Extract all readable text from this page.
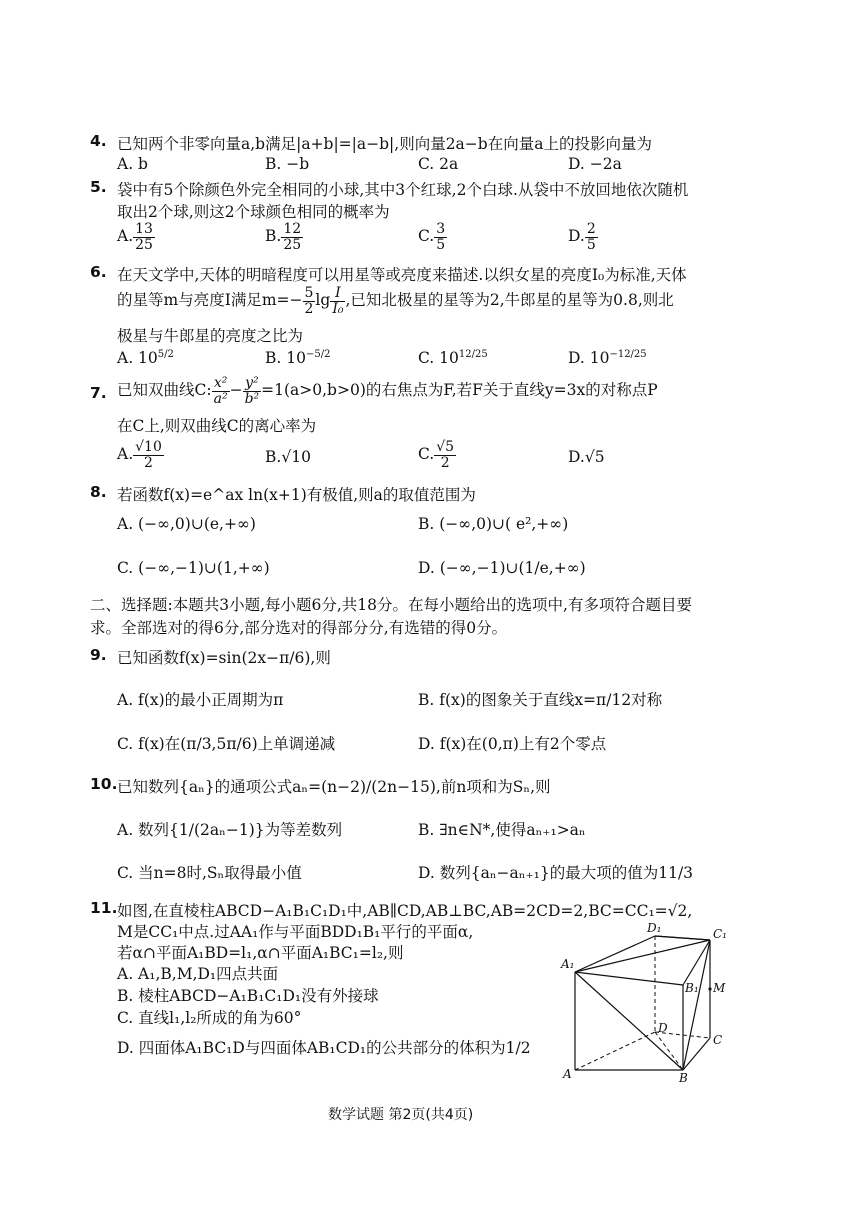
4. 已知两个非零向量a,b满足|a+b|=|a−b|,则向量2a−b在向量a上的投影向量为
A. b	B. −b	C. 2a	D. −2a
5. 袋中有5个除颜色外完全相同的小球,其中3个红球,2个白球.从袋中不放回地依次随机
取出2个球,则这2个球颜色相同的概率为
A. $\frac{13}{25}$	B. $\frac{12}{25}$	C. $\frac{3}{5}$	D. $\frac{2}{5}$
6. 在天文学中,天体的明暗程度可以用星等或亮度来描述.以织女星的亮度I₀为标准,天体
的星等m与亮度I满足$m=- \frac{5}{2}$ $\lg \frac{I}{\text{I₀}}$ ,已知北极星的星等为2,牛郎星的星等为0.8,则北
极星与牛郎星的亮度之比为
A. $10^{5/2}$	B. $10^{-5/2}$	C. $10^{12/25}$	D. $10^{-12/25}$
7. 已知双曲线C: $\frac{\text{x²}}{\text{a²}} - \frac{\text{y²}}{\text{b²}} =1(a>0,b>0)$的右焦点为F,若F关于直线y=3x的对称点P
在C上,则双曲线C的离心率为
A. $\frac{√10}{2}$	B.√10	C. $\frac{√5}{2}$	D.√5
8. 若函数f(x)=e^ax ln(x+1)有极值,则a的取值范围为
A. (−∞,0)∪(e,+∞)	B. (−∞,0)∪( e²,+∞)
C. (−∞,−1)∪(1,+∞)	D. (−∞,−1)∪(1/e,+∞)
二、选择题:本题共3小题,每小题6分,共18分。在每小题给出的选项中,有多项符合题目要
求。全部选对的得6分,部分选对的得部分分,有选错的得0分。
9. 已知函数f(x)=sin(2x−π/6),则
A. f(x)的最小正周期为π	B. f(x)的图象关于直线x=π/12对称
C. f(x)在(π/3,5π/6)上单调递减	D. f(x)在(0,π)上有2个零点
10. 已知数列{aₙ}的通项公式aₙ=(n−2)/(2n−15),前n项和为Sₙ,则
A. 数列{1/(2aₙ−1)}为等差数列	B. ∃n∈N*,使得aₙ₊₁>aₙ
C. 当n=8时,Sₙ取得最小值	D. 数列{aₙ−aₙ₊₁}的最大项的值为11/3
11. 如图,在直棱柱ABCD−A₁B₁C₁D₁中,AB∥CD,AB⊥BC,AB=2CD=2,BC=CC₁=√2,
M是CC₁中点.过AA₁作与平面BDD₁B₁平行的平面α,
若α∩平面A₁BD=l₁,α∩平面A₁BC₁=l₂,则
A. A₁,B,M,D₁四点共面
B. 棱柱ABCD−A₁B₁C₁D₁没有外接球
C. 直线l₁,l₂所成的角为60°
D. 四面体A₁BC₁D与四面体AB₁CD₁的公共部分的体积为1/2
D₁	C₁
A₁
B₁ M
D
C
A	B
数学试题 第2页(共4页)
